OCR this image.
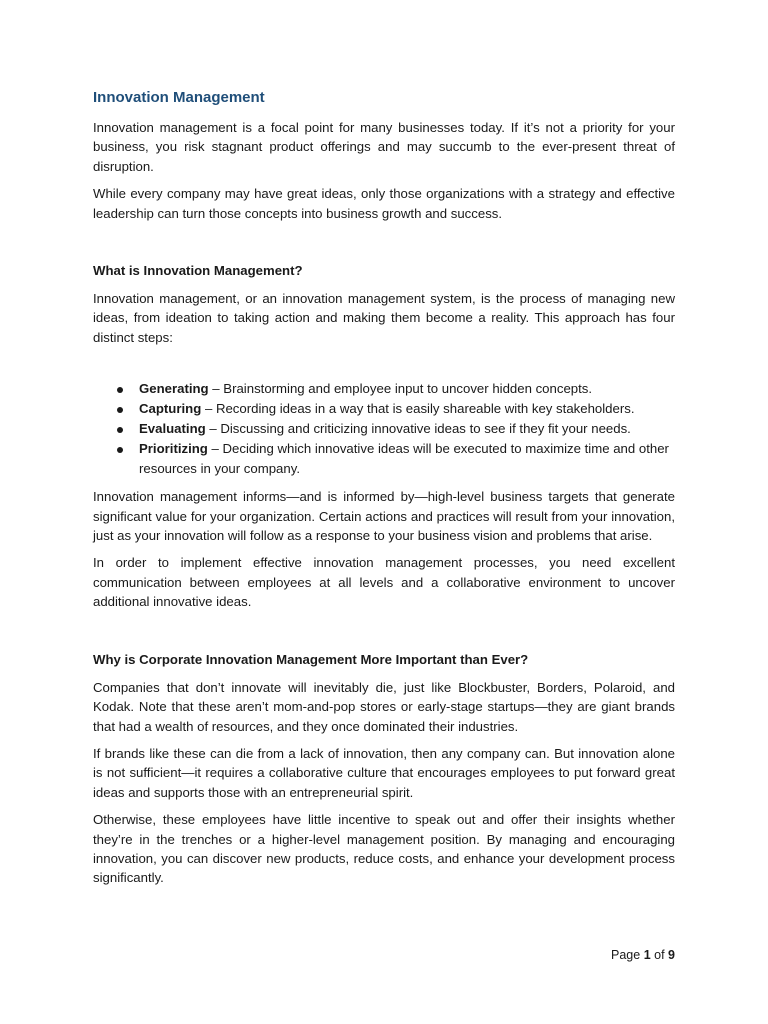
Innovation Management

Innovation management is a focal point for many businesses today. If it’s not a priority for your business, you risk stagnant product offerings and may succumb to the ever-present threat of disruption.

While every company may have great ideas, only those organizations with a strategy and effective leadership can turn those concepts into business growth and success.

What is Innovation Management?

Innovation management, or an innovation management system, is the process of managing new ideas, from ideation to taking action and making them become a reality. This approach has four distinct steps:

Generating – Brainstorming and employee input to uncover hidden concepts.
Capturing – Recording ideas in a way that is easily shareable with key stakeholders.
Evaluating – Discussing and criticizing innovative ideas to see if they fit your needs.
Prioritizing – Deciding which innovative ideas will be executed to maximize time and other resources in your company.

Innovation management informs—and is informed by—high-level business targets that generate significant value for your organization. Certain actions and practices will result from your innovation, just as your innovation will follow as a response to your business vision and problems that arise.

In order to implement effective innovation management processes, you need excellent communication between employees at all levels and a collaborative environment to uncover additional innovative ideas.

Why is Corporate Innovation Management More Important than Ever?

Companies that don’t innovate will inevitably die, just like Blockbuster, Borders, Polaroid, and Kodak. Note that these aren’t mom-and-pop stores or early-stage startups—they are giant brands that had a wealth of resources, and they once dominated their industries.

If brands like these can die from a lack of innovation, then any company can. But innovation alone is not sufficient—it requires a collaborative culture that encourages employees to put forward great ideas and supports those with an entrepreneurial spirit.

Otherwise, these employees have little incentive to speak out and offer their insights whether they’re in the trenches or a higher-level management position. By managing and encouraging innovation, you can discover new products, reduce costs, and enhance your development process significantly.

Page 1 of 9
